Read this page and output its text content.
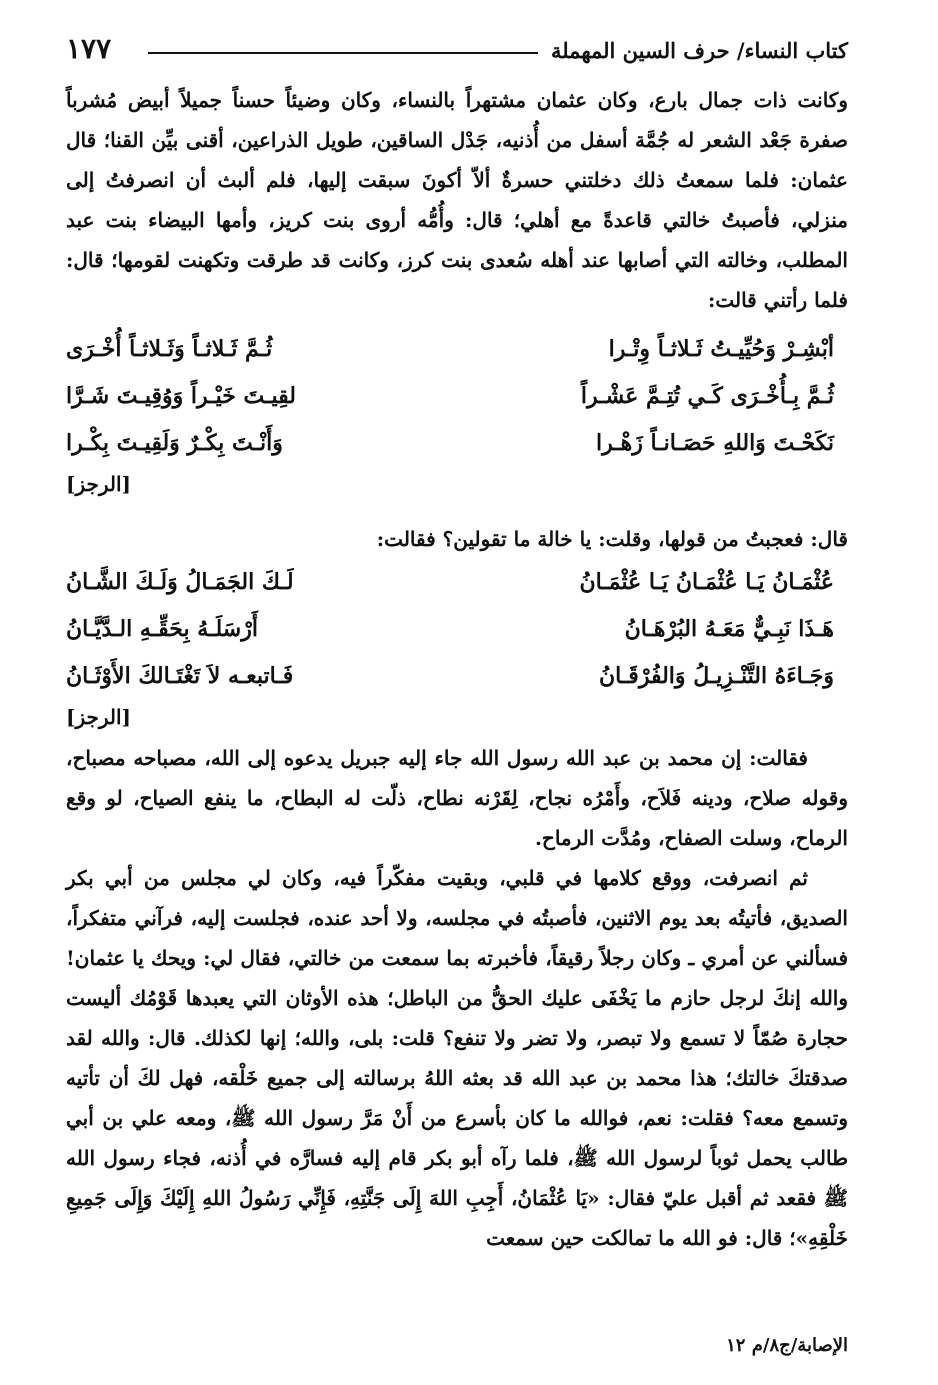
كتاب النساء/ حرف السين المهملة
١٧٧

وكانت ذات جمال بارع، وكان عثمان مشتهراً بالنساء، وكان وضيئاً حسناً جميلاً أبيض مُشرباً صفرة جَعْد الشعر له جُمَّة أسفل من أُذنيه، جَدْل الساقين، طويل الذراعين، أقنى بيِّن القنا؛ قال عثمان: فلما سمعتُ ذلك دخلتني حسرةٌ ألاّ أكونَ سبقت إليها، فلم ألبث أن انصرفتُ إلى منزلي، فأصبتُ خالتي قاعدةً مع أهلي؛ قال: وأُمُّه أروى بنت كريز، وأمها البيضاء بنت عبد المطلب، وخالته التي أصابها عند أهله سُعدى بنت كرز، وكانت قد طرقت وتكهنت لقومها؛ قال: فلما رأتني قالت:

أبْشِـرْ وَحُيِّيـتُ ثَـلاثـاً وِتْـرا
ثُـمَّ ثَـلاثـاً وَثَـلاثـاً أُخْـرَى
ثُـمَّ بِـأُخْـرَى كَـي تُتِـمَّ عَشْـراً
لقِيـتَ خَيْـراً وَوُقِيـتَ شَـرَّا
نَكَحْـتَ وَاللهِ حَصَـانـاً زَهْـرا
وَأَنْـتَ بِكْـرٌ وَلَقِيـتَ بِكْـرا
[الرجز]

قال: فعجبتُ من قولها، وقلت: يا خالة ما تقولين؟ فقالت:

عُثْمَـانُ يَـا عُثْمَـانُ يَـا عُثْمَـانُ
لَـكَ الجَمَـالُ وَلَـكَ الشَّـانُ
هَـذَا نَبِـيٌّ مَعَـهُ البُرْهَـانُ
أَرْسَلَـهُ بِحَقِّـهِ الـدَّيَّـانُ
وَجَـاءَهُ التَّنْـزِيـلُ وَالفُرْقَـانُ
فَـاتبعـه لاَ تَغْتَـالكَ الأَوْثَـانُ
[الرجز]

فقالت: إن محمد بن عبد الله رسول الله جاء إليه جبريل يدعوه إلى الله، مصباحه مصباح، وقوله صلاح، ودينه فَلاَح، وأَمْرُه نجاح، لِقَرْنه نطاح، ذلّت له البطاح، ما ينفع الصياح، لو وقع الرماح، وسلت الصفاح، ومُدَّت الرماح.

ثم انصرفت، ووقع كلامها في قلبي، وبقيت مفكّراً فيه، وكان لي مجلس من أبي بكر الصديق، فأتيتُه بعد يوم الاثنين، فأصبتُه في مجلسه، ولا أحد عنده، فجلست إليه، فرآني متفكراً، فسألني عن أمري ـ وكان رجلاً رقيقاً، فأخبرته بما سمعت من خالتي، فقال لي: ويحك يا عثمان! والله إنكَ لرجل حازم ما يَخْفَى عليك الحقُّ من الباطل؛ هذه الأوثان التي يعبدها قَوْمُك أليست حجارة صُمّاً لا تسمع ولا تبصر، ولا تضر ولا تنفع؟ قلت: بلى، والله؛ إنها لكذلك. قال: والله لقد صدقتكَ خالتك؛ هذا محمد بن عبد الله قد بعثه اللهُ برسالته إلى جميع خَلْقه، فهل لكَ أن تأتيه وتسمع معه؟ فقلت: نعم، فوالله ما كان بأسرع من أَنْ مَرَّ رسول الله ﷺ، ومعه علي بن أبي طالب يحمل ثوباً لرسول الله ﷺ، فلما رآه أبو بكر قام إليه فسارَّه في أُذنه، فجاء رسول الله ﷺ فقعد ثم أقبل عليّ فقال: «يَا عُثْمَانُ، أَجِبِ اللهَ إِلَى جَنَّتِهِ، فَإِنِّي رَسُولُ اللهِ إِلَيْكَ وَإِلَى جَمِيعِ خَلْقِهِ»؛ قال: فو الله ما تمالكت حين سمعت

الإصابة/ج٨/م ١٢
